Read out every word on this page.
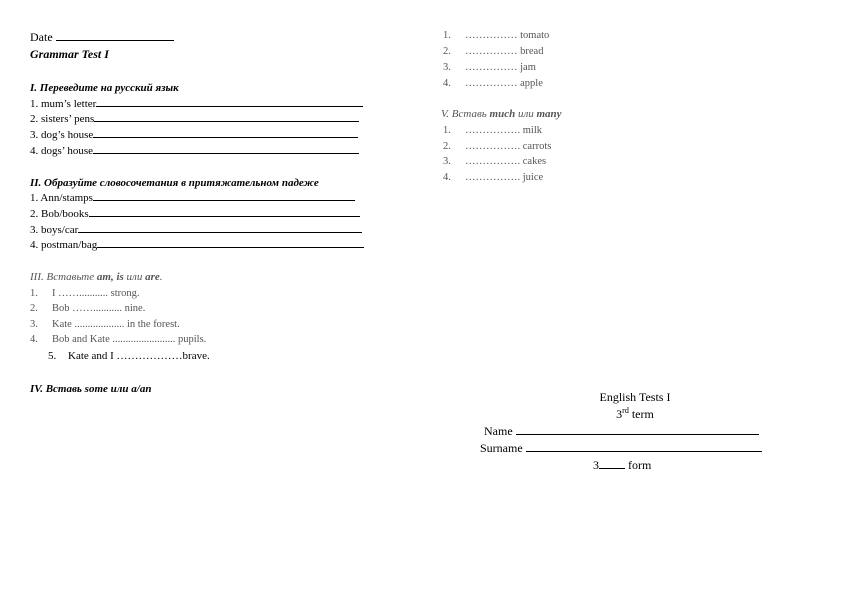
Date
Grammar Test I
I. Переведите на русский язык
1. mum’s letter
2. sisters’ pens
3. dog’s house
4. dogs’ house
II. Образуйте словосочетания в притяжательном падеже
1. Ann/stamps
2. Bob/books
3. boys/car
4. postman/bag
III. Вставьте am, is или are.
1. I ……........... strong.
2. Bob ……........... nine.
3. Kate ................... in the forest.
4. Bob and Kate ........................ pupils.
5. Kate and I ………………brave.
IV. Вставь some или a/an
1. …………… tomato
2. …………… bread
3. …………… jam
4. …………… apple
V. Вставь much или many
1. ……………. milk
2. ……………. carrots
3. ……………. cakes
4. ……………. juice
English Tests I
3rd term
Name
Surname
3 form
